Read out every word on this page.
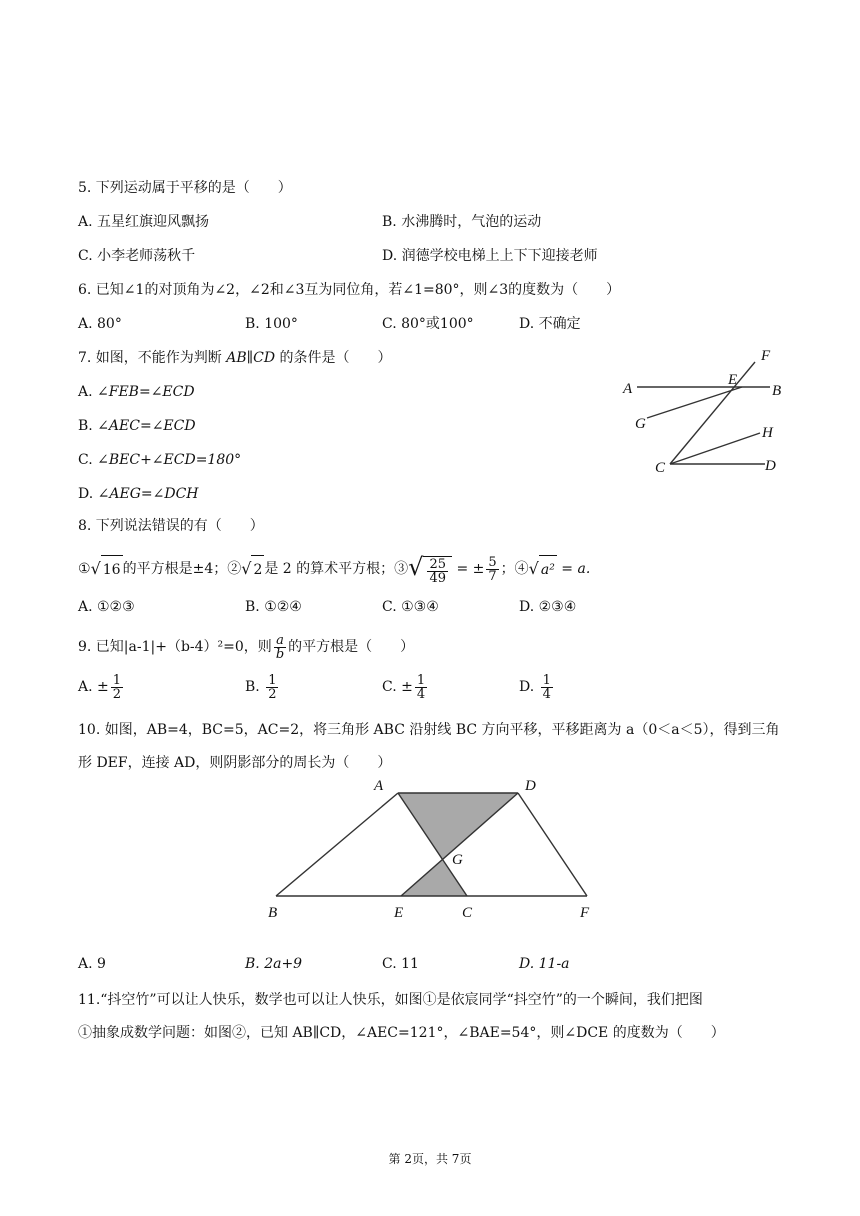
5. 下列运动属于平移的是（　　）
A. 五星红旗迎风飘扬	B. 水沸腾时，气泡的运动
C. 小李老师荡秋千	D. 润德学校电梯上上下下迎接老师
6. 已知∠1的对顶角为∠2，∠2和∠3互为同位角，若∠1=80°，则∠3的度数为（　　）
A. 80°	B. 100°	C. 80°或100°	D. 不确定
7. 如图，不能作为判断 AB∥CD 的条件是（　　）
A. ∠FEB=∠ECD
B. ∠AEC=∠ECD
C. ∠BEC+∠ECD=180°
D. ∠AEG=∠DCH
A	B
E
F
G
H
C	D
8. 下列说法错误的有（　　）
①√ 16 的平方根是±4；②√ 2 是 2 的算术平方根；③√ $\frac{25}{49}$ = ± $\frac{5}{7}$ ；④√ a² = a.
A. ①②③	B. ①②④	C. ①③④	D. ②③④
9. 已知|a-1|+（b-4）²=0，则 $\frac{a}{b}$ 的平方根是（　　）
A. ± $\frac{1}{2}$	B. $\frac{1}{2}$	C. ± $\frac{1}{4}$	D. $\frac{1}{4}$
10. 如图，AB=4，BC=5，AC=2，将三角形 ABC 沿射线 BC 方向平移，平移距离为 a（0＜a＜5），得到三角
形 DEF，连接 AD，则阴影部分的周长为（　　）
A	D
G
B	E	C	F
A. 9	B. 2a+9	C. 11	D. 11-a
11.“抖空竹”可以让人快乐，数学也可以让人快乐，如图①是依宸同学“抖空竹”的一个瞬间，我们把图
①抽象成数学问题：如图②，已知 AB∥CD，∠AEC=121°，∠BAE=54°，则∠DCE 的度数为（　　）
第 2页，共 7页
